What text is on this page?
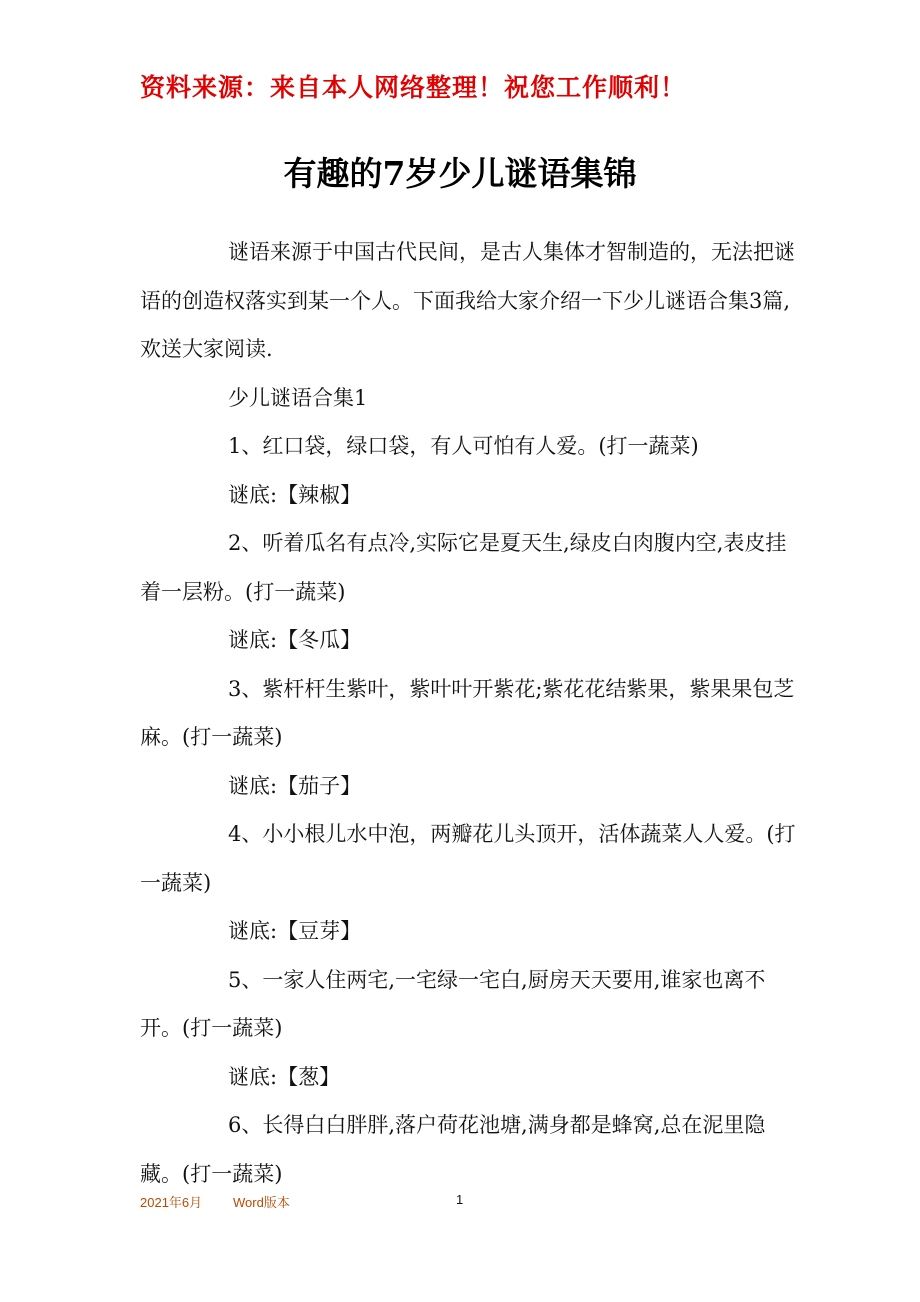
资料来源：来自本人网络整理！祝您工作顺利！
有趣的7岁少儿谜语集锦

谜语来源于中国古代民间，是古人集体才智制造的，无法把谜语的创造权落实到某一个人。下面我给大家介绍一下少儿谜语合集3篇,欢送大家阅读.

少儿谜语合集1

1、红口袋，绿口袋，有人可怕有人爱。(打一蔬菜)

谜底:【辣椒】

2、听着瓜名有点冷,实际它是夏天生,绿皮白肉腹内空,表皮挂着一层粉。(打一蔬菜)

谜底:【冬瓜】

3、紫杆杆生紫叶，紫叶叶开紫花;紫花花结紫果，紫果果包芝麻。(打一蔬菜)

谜底:【茄子】

4、小小根儿水中泡，两瓣花儿头顶开，活体蔬菜人人爱。(打一蔬菜)

谜底:【豆芽】

5、一家人住两宅,一宅绿一宅白,厨房天天要用,谁家也离不开。(打一蔬菜)

谜底:【葱】

6、长得白白胖胖,落户荷花池塘,满身都是蜂窝,总在泥里隐藏。(打一蔬菜)

2021年6月 Word版本	1
